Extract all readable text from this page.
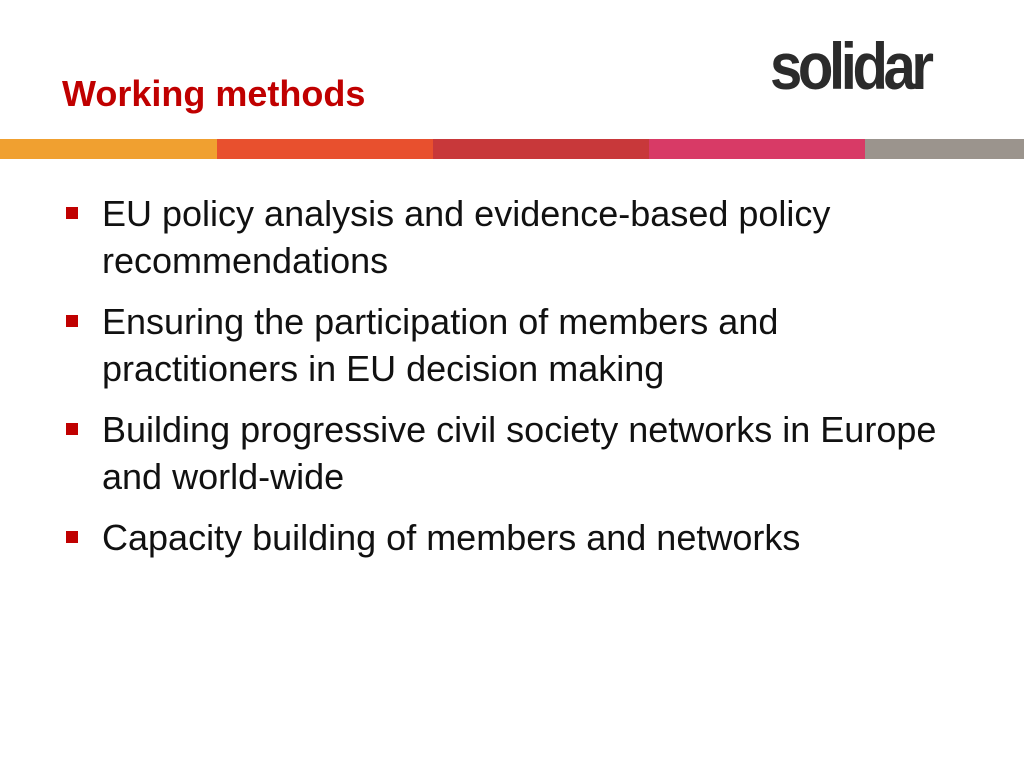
Working methods	solidar
EU policy analysis and evidence-based policy recommendations
Ensuring the participation of members and practitioners in EU decision making
Building progressive civil society networks in Europe and world-wide
Capacity building of members and networks
